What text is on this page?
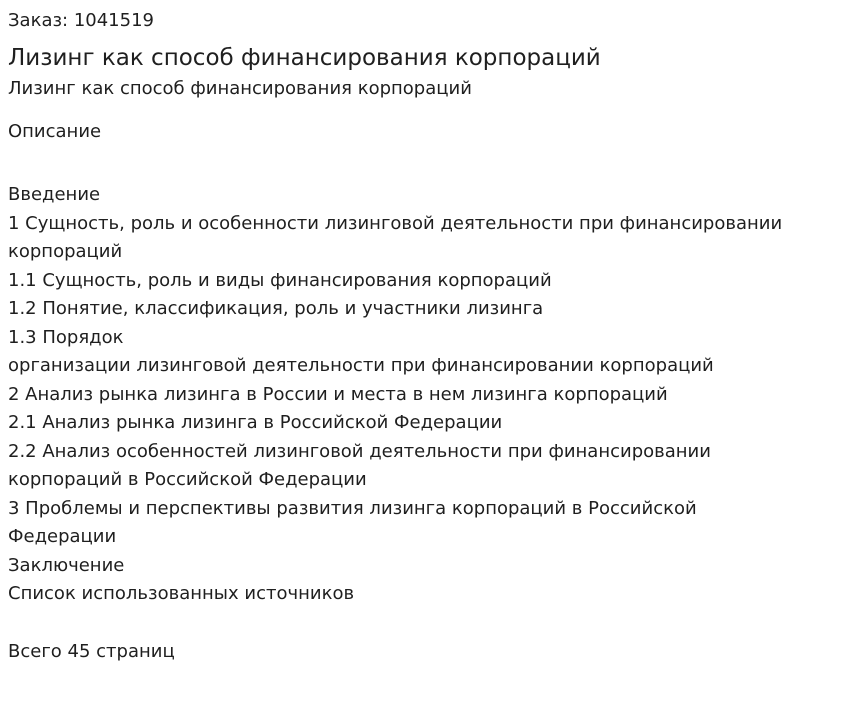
Заказ: 1041519

Лизинг как способ финансирования корпораций

Лизинг как способ финансирования корпораций

Описание

Введение
1 Сущность, роль и особенности лизинговой деятельности при финансировании
корпораций
1.1 Сущность, роль и виды финансирования корпораций
1.2 Понятие, классификация, роль и участники лизинга
1.3 Порядок
организации лизинговой деятельности при финансировании корпораций
2 Анализ рынка лизинга в России и места в нем лизинга корпораций
2.1 Анализ рынка лизинга в Российской Федерации
2.2 Анализ особенностей лизинговой деятельности при финансировании
корпораций в Российской Федерации
3 Проблемы и перспективы развития лизинга корпораций в Российской
Федерации
Заключение
Список использованных источников

Всего 45 страниц
